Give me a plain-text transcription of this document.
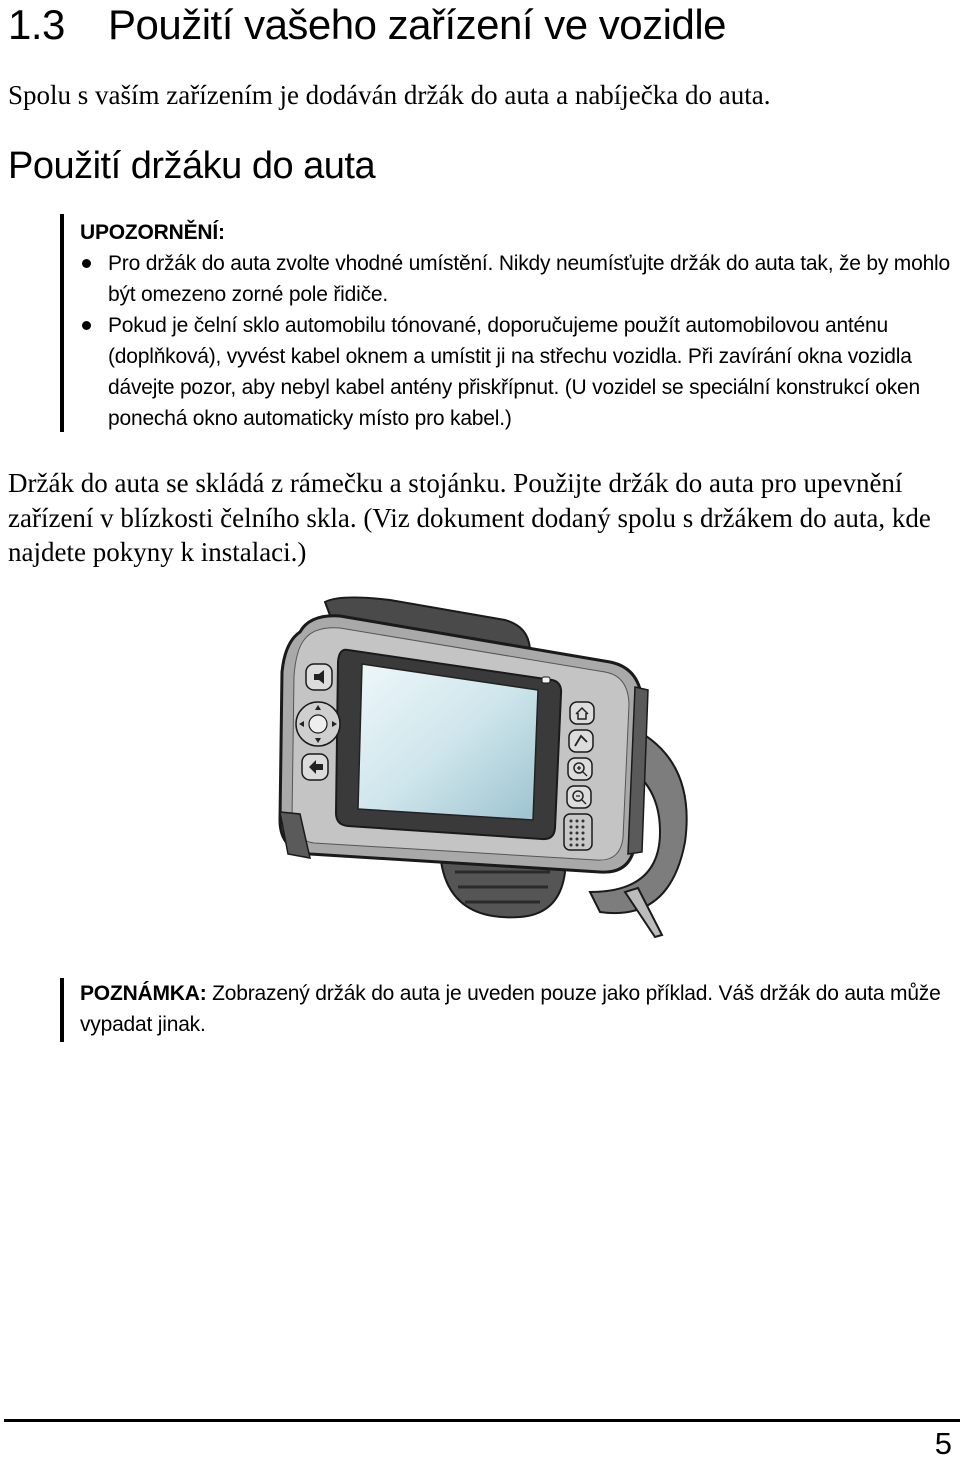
1.3 Použití vašeho zařízení ve vozidle

Spolu s vaším zařízením je dodáván držák do auta a nabíječka do auta.

Použití držáku do auta
UPOZORNĚNÍ:
Pro držák do auta zvolte vhodné umístění. Nikdy neumísťujte držák do auta tak, že by mohlo být omezeno zorné pole řidiče.
Pokud je čelní sklo automobilu tónované, doporučujeme použít automobilovou anténu (doplňková), vyvést kabel oknem a umístit ji na střechu vozidla. Při zavírání okna vozidla dávejte pozor, aby nebyl kabel antény přiskřípnut. (U vozidel se speciální konstrukcí oken ponechá okno automaticky místo pro kabel.)

Držák do auta se skládá z rámečku a stojánku. Použijte držák do auta pro upevnění zařízení v blízkosti čelního skla. (Viz dokument dodaný spolu s držákem do auta, kde najdete pokyny k instalaci.)

POZNÁMKA: Zobrazený držák do auta je uveden pouze jako příklad. Váš držák do auta může vypadat jinak.

5
